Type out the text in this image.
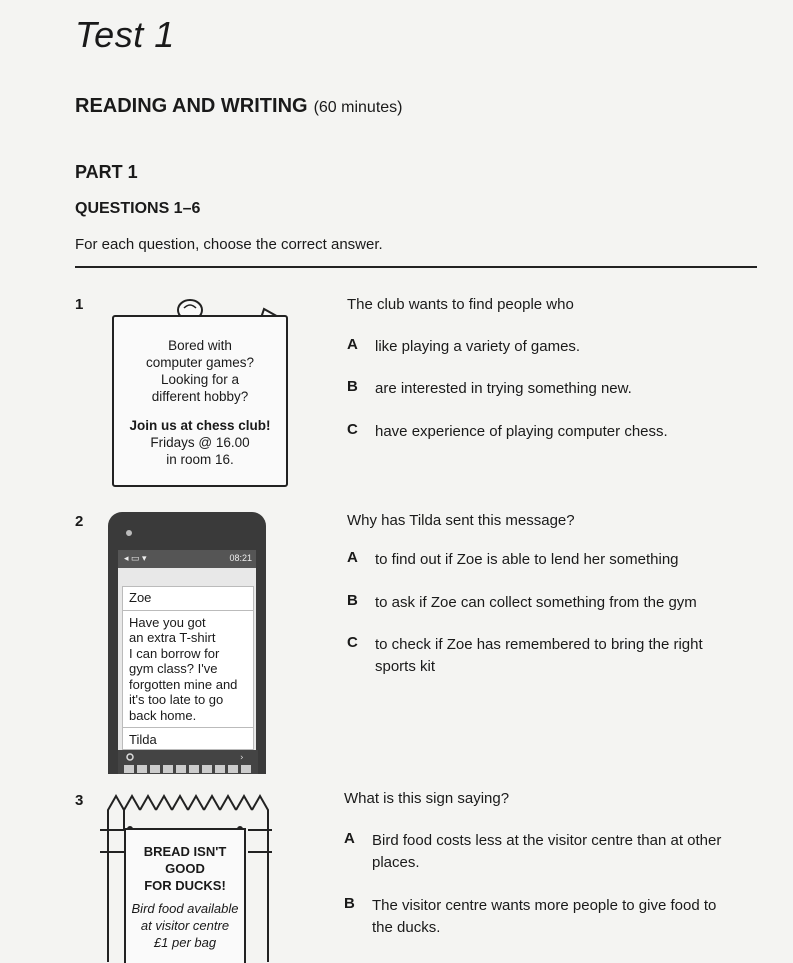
Test 1
READING AND WRITING (60 minutes)
PART 1
QUESTIONS 1–6
For each question, choose the correct answer.
1
Bored with
computer games?
Looking for a
different hobby?
Join us at chess club!
Fridays @ 16.00
in room 16.
The club wants to find people who
A	like playing a variety of games.
B	are interested in trying something new.
C	have experience of playing computer chess.
2
◂ ▭ ▾	08:21
Zoe
Have you got
an extra T-shirt
I can borrow for
gym class? I've
forgotten mine and
it's too late to go
back home.
Tilda
›
Why has Tilda sent this message?
A	to find out if Zoe is able to lend her something
B	to ask if Zoe can collect something from the gym
C	to check if Zoe has remembered to bring the right
sports kit
3
BREAD ISN'T
GOOD
FOR DUCKS!
Bird food available
at visitor centre
£1 per bag
What is this sign saying?
A	Bird food costs less at the visitor centre than at other
places.
B	The visitor centre wants more people to give food to
the ducks.
